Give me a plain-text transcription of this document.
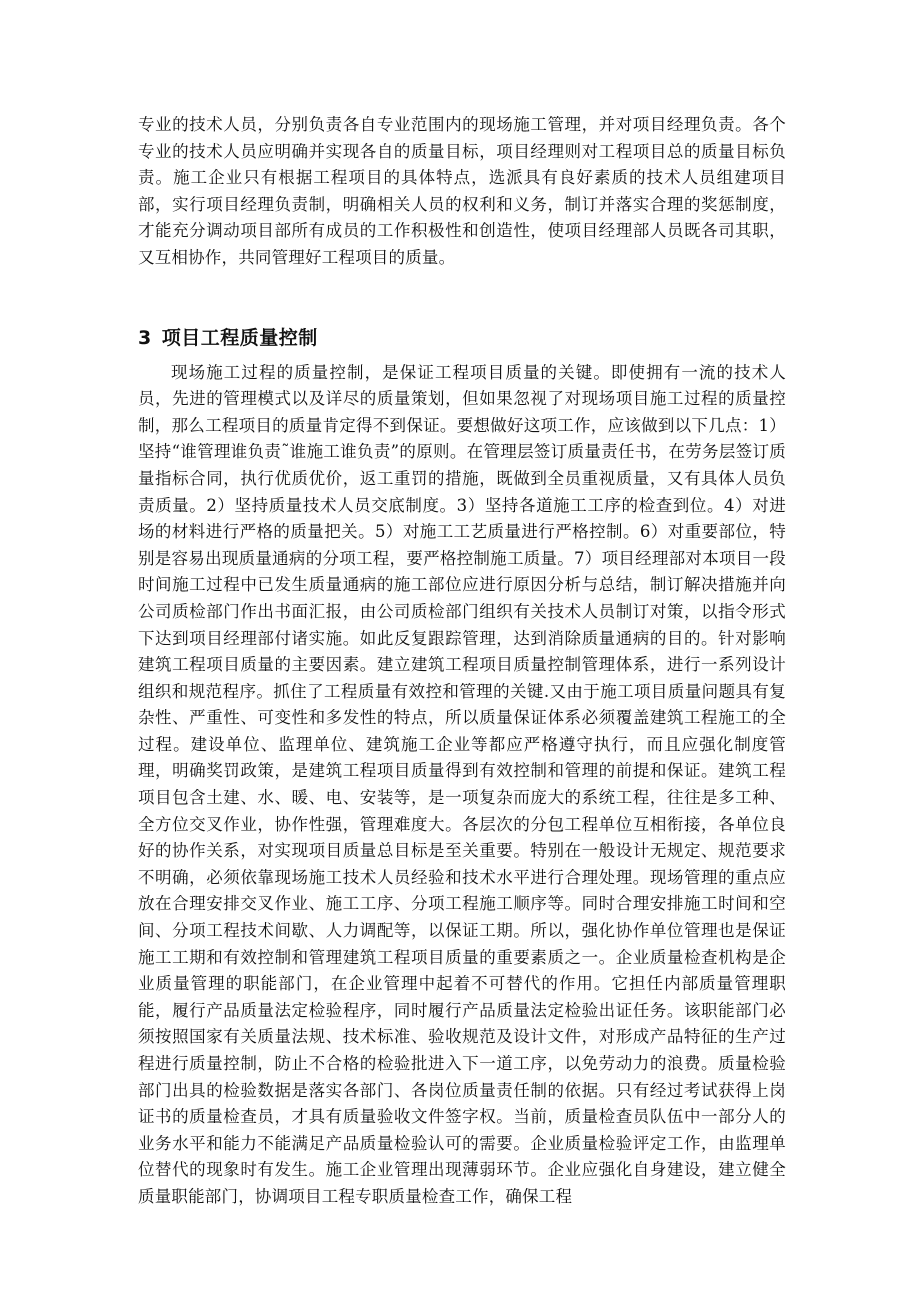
专业的技术人员，分别负责各自专业范围内的现场施工管理，并对项目经理负责。各个专业的技术人员应明确并实现各自的质量目标，项目经理则对工程项目总的质量目标负责。施工企业只有根据工程项目的具体特点，选派具有良好素质的技术人员组建项目部，实行项目经理负责制，明确相关人员的权利和义务，制订并落实合理的奖惩制度，才能充分调动项目部所有成员的工作积极性和创造性，使项目经理部人员既各司其职，又互相协作，共同管理好工程项目的质量。

3 项目工程质量控制

现场施工过程的质量控制，是保证工程项目质量的关键。即使拥有一流的技术人员，先进的管理模式以及详尽的质量策划，但如果忽视了对现场项目施工过程的质量控制，那么工程项目的质量肯定得不到保证。要想做好这项工作，应该做到以下几点：1）坚持“谁管理谁负责˜谁施工谁负责”的原则。在管理层签订质量责任书，在劳务层签订质量指标合同，执行优质优价，返工重罚的措施，既做到全员重视质量，又有具体人员负责质量。2）坚持质量技术人员交底制度。3）坚持各道施工工序的检查到位。4）对进场的材料进行严格的质量把关。5）对施工工艺质量进行严格控制。6）对重要部位，特别是容易出现质量通病的分项工程，要严格控制施工质量。7）项目经理部对本项目一段时间施工过程中已发生质量通病的施工部位应进行原因分析与总结，制订解决措施并向公司质检部门作出书面汇报，由公司质检部门组织有关技术人员制订对策，以指令形式下达到项目经理部付诸实施。如此反复跟踪管理，达到消除质量通病的目的。针对影响建筑工程项目质量的主要因素。建立建筑工程项目质量控制管理体系，进行一系列设计组织和规范程序。抓住了工程质量有效控和管理的关键.又由于施工项目质量问题具有复杂性、严重性、可变性和多发性的特点，所以质量保证体系必须覆盖建筑工程施工的全过程。建设单位、监理单位、建筑施工企业等都应严格遵守执行，而且应强化制度管理，明确奖罚政策，是建筑工程项目质量得到有效控制和管理的前提和保证。建筑工程项目包含土建、水、暖、电、安装等，是一项复杂而庞大的系统工程，往往是多工种、全方位交叉作业，协作性强，管理难度大。各层次的分包工程单位互相衔接，各单位良好的协作关系，对实现项目质量总目标是至关重要。特别在一般设计无规定、规范要求不明确，必须依靠现场施工技术人员经验和技术水平进行合理处理。现场管理的重点应放在合理安排交叉作业、施工工序、分项工程施工顺序等。同时合理安排施工时间和空间、分项工程技术间歇、人力调配等，以保证工期。所以，强化协作单位管理也是保证施工工期和有效控制和管理建筑工程项目质量的重要素质之一。企业质量检查机构是企业质量管理的职能部门，在企业管理中起着不可替代的作用。它担任内部质量管理职能，履行产品质量法定检验程序，同时履行产品质量法定检验出证任务。该职能部门必须按照国家有关质量法规、技术标准、验收规范及设计文件，对形成产品特征的生产过程进行质量控制，防止不合格的检验批进入下一道工序，以免劳动力的浪费。质量检验部门出具的检验数据是落实各部门、各岗位质量责任制的依据。只有经过考试获得上岗证书的质量检查员，才具有质量验收文件签字权。当前，质量检查员队伍中一部分人的业务水平和能力不能满足产品质量检验认可的需要。企业质量检验评定工作，由监理单位替代的现象时有发生。施工企业管理出现薄弱环节。企业应强化自身建设，建立健全质量职能部门，协调项目工程专职质量检查工作，确保工程
